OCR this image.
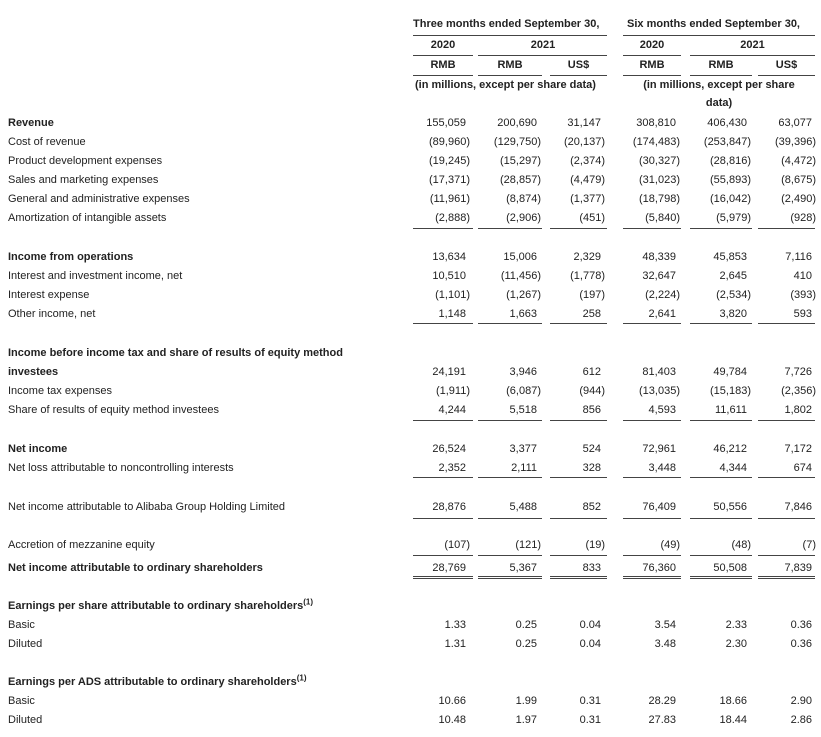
Three months ended September 30,	Six months ended September 30,
2020	2021	2020	2021
RMB	RMB	US$	RMB	RMB	US$
(in millions, except per share data)	(in millions, except per share
data)
Revenue	155,059	200,690	31,147	308,810	406,430	63,077
Cost of revenue	(89,960)	(129,750)	(20,137)	(174,483)	(253,847)	(39,396)
Product development expenses	(19,245)	(15,297)	(2,374)	(30,327)	(28,816)	(4,472)
Sales and marketing expenses	(17,371)	(28,857)	(4,479)	(31,023)	(55,893)	(8,675)
General and administrative expenses	(11,961)	(8,874)	(1,377)	(18,798)	(16,042)	(2,490)
Amortization of intangible assets	(2,888)	(2,906)	(451)	(5,840)	(5,979)	(928)
Income from operations	13,634	15,006	2,329	48,339	45,853	7,116
Interest and investment income, net	10,510	(11,456)	(1,778)	32,647	2,645	410
Interest expense	(1,101)	(1,267)	(197)	(2,224)	(2,534)	(393)
Other income, net	1,148	1,663	258	2,641	3,820	593
Income before income tax and share of results of equity method
investees	24,191	3,946	612	81,403	49,784	7,726
Income tax expenses	(1,911)	(6,087)	(944)	(13,035)	(15,183)	(2,356)
Share of results of equity method investees	4,244	5,518	856	4,593	11,611	1,802
Net income	26,524	3,377	524	72,961	46,212	7,172
Net loss attributable to noncontrolling interests	2,352	2,111	328	3,448	4,344	674
Net income attributable to Alibaba Group Holding Limited	28,876	5,488	852	76,409	50,556	7,846
Accretion of mezzanine equity	(107)	(121)	(19)	(49)	(48)	(7)
Net income attributable to ordinary shareholders	28,769	5,367	833	76,360	50,508	7,839
Earnings per share attributable to ordinary shareholders$^{(1)}$
Basic	1.33	0.25	0.04	3.54	2.33	0.36
Diluted	1.31	0.25	0.04	3.48	2.30	0.36
Earnings per ADS attributable to ordinary shareholders$^{(1)}$
Basic	10.66	1.99	0.31	28.29	18.66	2.90
Diluted	10.48	1.97	0.31	27.83	18.44	2.86
